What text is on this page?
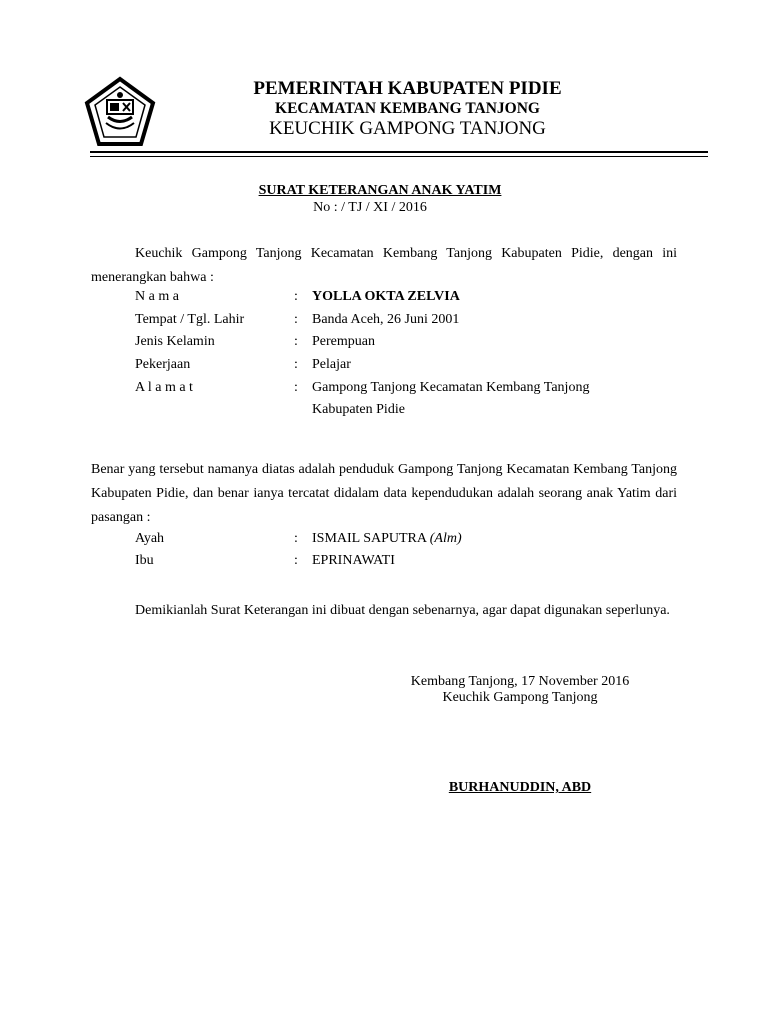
PEMERINTAH KABUPATEN PIDIE
KECAMATAN KEMBANG TANJONG
KEUCHIK GAMPONG TANJONG
SURAT KETERANGAN ANAK YATIM
No : / TJ / XI / 2016
Keuchik Gampong Tanjong Kecamatan Kembang Tanjong Kabupaten Pidie, dengan ini menerangkan bahwa :
N a m a	: YOLLA OKTA ZELVIA
Tempat / Tgl. Lahir	: Banda Aceh, 26 Juni 2001
Jenis Kelamin	: Perempuan
Pekerjaan	: Pelajar
A l a m a t	: Gampong Tanjong Kecamatan Kembang Tanjong
Kabupaten Pidie
Benar yang tersebut namanya diatas adalah penduduk Gampong Tanjong Kecamatan Kembang Tanjong Kabupaten Pidie, dan benar ianya tercatat didalam data kependudukan adalah seorang anak Yatim dari pasangan :
Ayah	: ISMAIL SAPUTRA (Alm)
Ibu	: EPRINAWATI
Demikianlah Surat Keterangan ini dibuat dengan sebenarnya, agar dapat digunakan seperlunya.
Kembang Tanjong, 17 November 2016
Keuchik Gampong Tanjong
BURHANUDDIN, ABD
